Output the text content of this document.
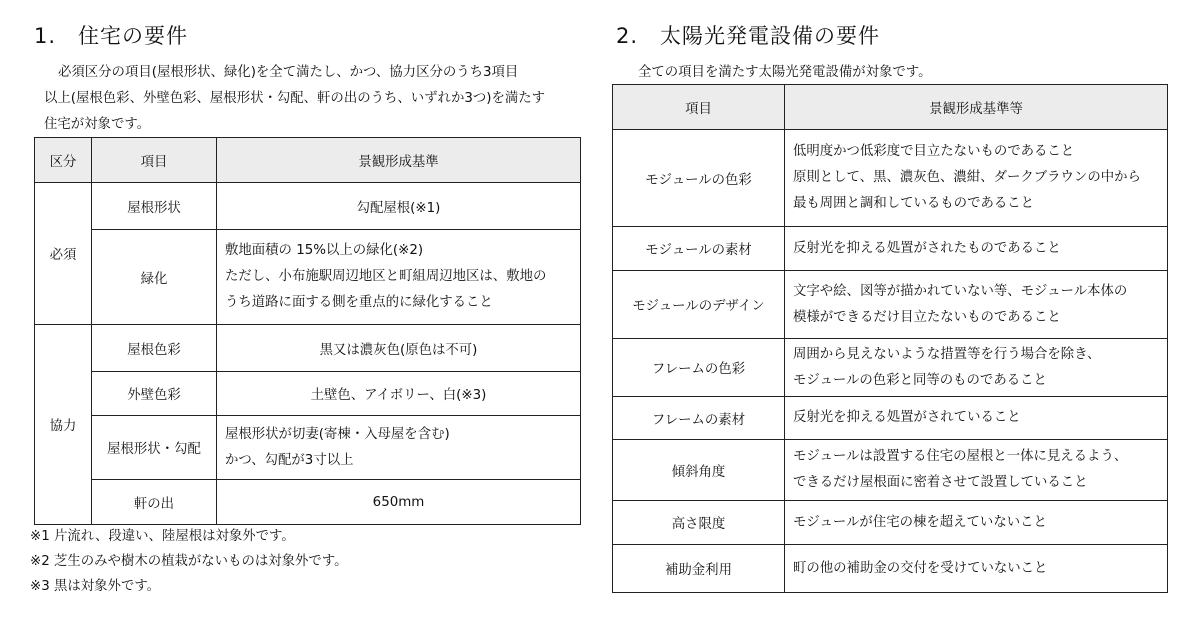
1.　住宅の要件
必須区分の項目(屋根形状、緑化)を全て満たし、かつ、協力区分のうち3項目
以上(屋根色彩、外壁色彩、屋根形状・勾配、軒の出のうち、いずれか3つ)を満たす
住宅が対象です。
区分	項目	景観形成基準
必須	屋根形状	勾配屋根(※1)
	緑化	敷地面積の 15%以上の緑化(※2)
ただし、小布施駅周辺地区と町組周辺地区は、敷地の
うち道路に面する側を重点的に緑化すること

協力	屋根色彩	黒又は濃灰色(原色は不可)
	外壁色彩	土壁色、アイボリー、白(※3)
	屋根形状・勾配	屋根形状が切妻(寄棟・入母屋を含む)
かつ、勾配が3寸以上

	軒の出	650mm
※1 片流れ、段違い、陸屋根は対象外です。
※2 芝生のみや樹木の植栽がないものは対象外です。
※3 黒は対象外です。
2.　太陽光発電設備の要件
全ての項目を満たす太陽光発電設備が対象です。
項目	景観形成基準等
モジュールの色彩	低明度かつ低彩度で目立たないものであること
原則として、黒、濃灰色、濃紺、ダークブラウンの中から
最も周囲と調和しているものであること

モジュールの素材	反射光を抑える処置がされたものであること
モジュールのデザイン	文字や絵、図等が描かれていない等、モジュール本体の
模様ができるだけ目立たないものであること

フレームの色彩	周囲から見えないような措置等を行う場合を除き、
モジュールの色彩と同等のものであること

フレームの素材	反射光を抑える処置がされていること
傾斜角度	モジュールは設置する住宅の屋根と一体に見えるよう、
できるだけ屋根面に密着させて設置していること

高さ限度	モジュールが住宅の棟を超えていないこと
補助金利用	町の他の補助金の交付を受けていないこと
